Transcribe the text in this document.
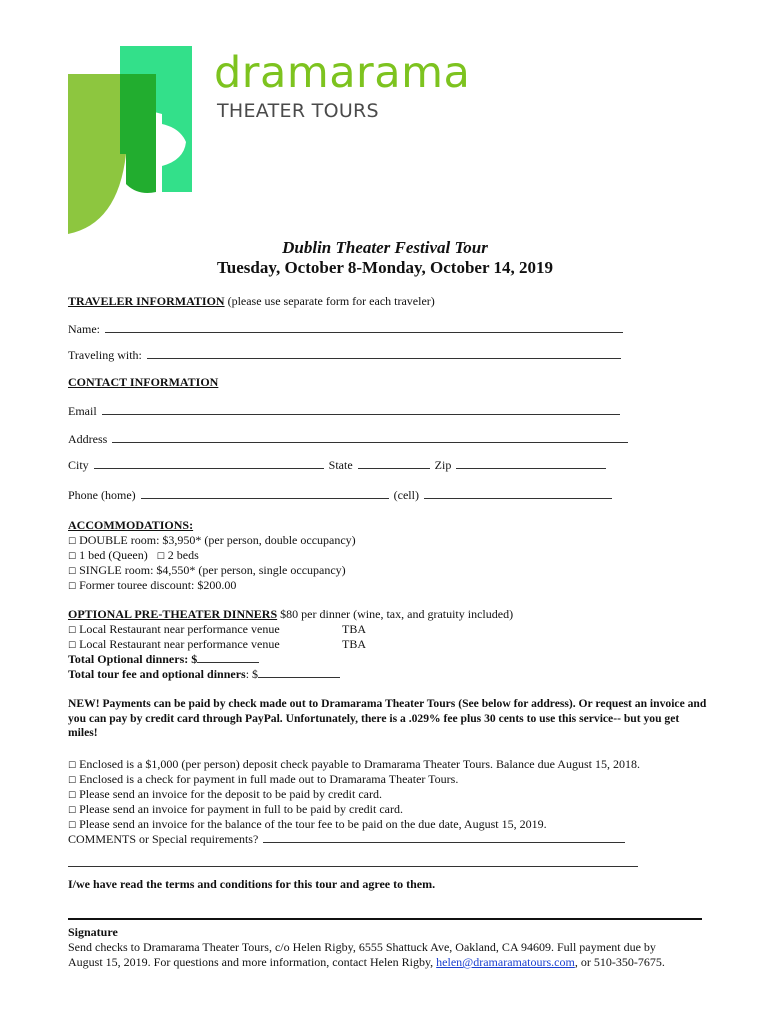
dramarama

THEATER TOURS

Dublin Theater Festival Tour

Tuesday, October 8-Monday, October 14, 2019

TRAVELER INFORMATION (please use separate form for each traveler)

Name:

Traveling with:

CONTACT INFORMATION

Email

Address

City	State	Zip

Phone (home)	(cell)

ACCOMMODATIONS:

☐ DOUBLE room: $3,950* (per person, double occupancy)

☐ 1 bed (Queen) ☐ 2 beds

☐ SINGLE room: $4,550* (per person, single occupancy)

☐ Former touree discount: $200.00

OPTIONAL PRE-THEATER DINNERS $80 per dinner (wine, tax, and gratuity included)

☐ Local Restaurant near performance venue	TBA

☐ Local Restaurant near performance venue	TBA

Total Optional dinners: $

Total tour fee and optional dinners: $

NEW! Payments can be paid by check made out to Dramarama Theater Tours (See below for address). Or request an invoice and you can pay by credit card through PayPal. Unfortunately, there is a .029% fee plus 30 cents to use this service-- but you get miles!

☐ Enclosed is a $1,000 (per person) deposit check payable to Dramarama Theater Tours. Balance due August 15, 2018.

☐ Enclosed is a check for payment in full made out to Dramarama Theater Tours.

☐ Please send an invoice for the deposit to be paid by credit card.

☐ Please send an invoice for payment in full to be paid by credit card.

☐ Please send an invoice for the balance of the tour fee to be paid on the due date, August 15, 2019.

COMMENTS or Special requirements?

I/we have read the terms and conditions for this tour and agree to them.

Signature

Send checks to Dramarama Theater Tours, c/o Helen Rigby, 6555 Shattuck Ave, Oakland, CA 94609. Full payment due by

August 15, 2019. For questions and more information, contact Helen Rigby, helen@dramaramatours.com, or 510-350-7675.
